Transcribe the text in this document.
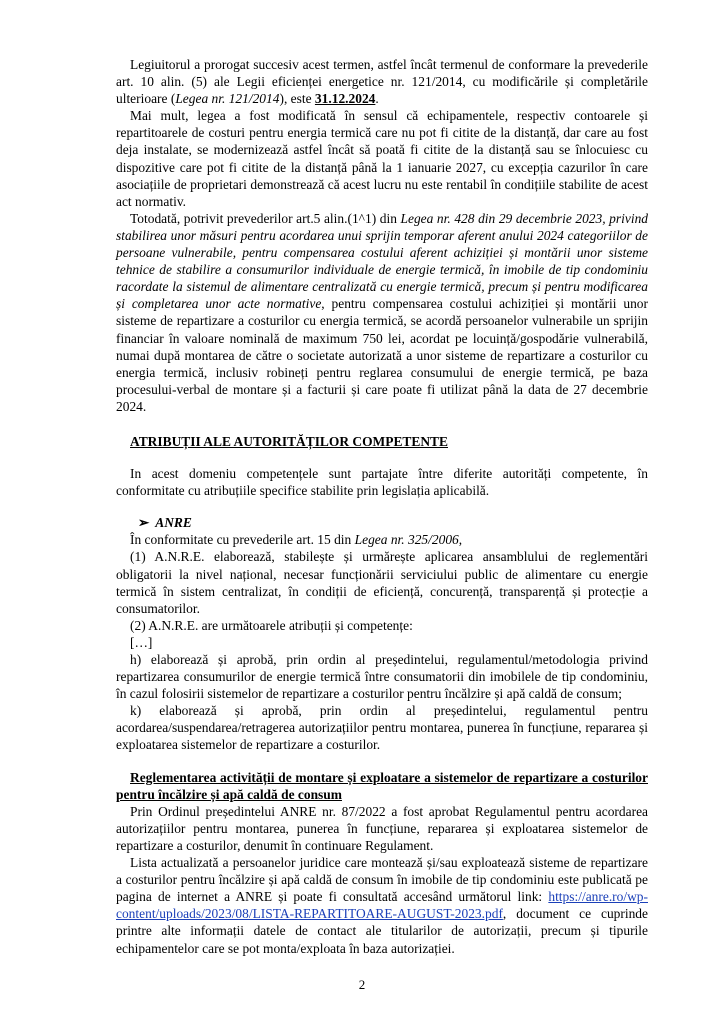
Legiuitorul a prorogat succesiv acest termen, astfel încât termenul de conformare la prevederile art. 10 alin. (5) ale Legii eficienței energetice nr. 121/2014, cu modificările și completările ulterioare (Legea nr. 121/2014), este 31.12.2024.

Mai mult, legea a fost modificată în sensul că echipamentele, respectiv contoarele și repartitoarele de costuri pentru energia termică care nu pot fi citite de la distanță, dar care au fost deja instalate, se modernizează astfel încât să poată fi citite de la distanță sau se înlocuiesc cu dispozitive care pot fi citite de la distanță până la 1 ianuarie 2027, cu excepția cazurilor în care asociațiile de proprietari demonstrează că acest lucru nu este rentabil în condițiile stabilite de acest act normativ.

Totodată, potrivit prevederilor art.5 alin.(1^1) din Legea nr. 428 din 29 decembrie 2023, privind stabilirea unor măsuri pentru acordarea unui sprijin temporar aferent anului 2024 categoriilor de persoane vulnerabile, pentru compensarea costului aferent achiziției și montării unor sisteme tehnice de stabilire a consumurilor individuale de energie termică, în imobile de tip condominiu racordate la sistemul de alimentare centralizată cu energie termică, precum și pentru modificarea și completarea unor acte normative, pentru compensarea costului achiziției și montării unor sisteme de repartizare a costurilor cu energia termică, se acordă persoanelor vulnerabile un sprijin financiar în valoare nominală de maximum 750 lei, acordat pe locuință/gospodărie vulnerabilă, numai după montarea de către o societate autorizată a unor sisteme de repartizare a costurilor cu energia termică, inclusiv robineți pentru reglarea consumului de energie termică, pe baza procesului-verbal de montare și a facturii și care poate fi utilizat până la data de 27 decembrie 2024.

ATRIBUȚII ALE AUTORITĂȚILOR COMPETENTE

In acest domeniu competențele sunt partajate între diferite autorități competente, în conformitate cu atribuțiile specifice stabilite prin legislația aplicabilă.

➢ ANRE

În conformitate cu prevederile art. 15 din Legea nr. 325/2006,

(1) A.N.R.E. elaborează, stabilește și urmărește aplicarea ansamblului de reglementări obligatorii la nivel național, necesar funcționării serviciului public de alimentare cu energie termică în sistem centralizat, în condiții de eficiență, concurență, transparență și protecție a consumatorilor.

(2) A.N.R.E. are următoarele atribuții și competențe:

[…]

h) elaborează și aprobă, prin ordin al președintelui, regulamentul/metodologia privind repartizarea consumurilor de energie termică între consumatorii din imobilele de tip condominiu, în cazul folosirii sistemelor de repartizare a costurilor pentru încălzire și apă caldă de consum;

k) elaborează și aprobă, prin ordin al președintelui, regulamentul pentru acordarea/suspendarea/retragerea autorizațiilor pentru montarea, punerea în funcțiune, repararea și exploatarea sistemelor de repartizare a costurilor.

Reglementarea activității de montare și exploatare a sistemelor de repartizare a costurilor pentru încălzire și apă caldă de consum

Prin Ordinul președintelui ANRE nr. 87/2022 a fost aprobat Regulamentul pentru acordarea autorizațiilor pentru montarea, punerea în funcțiune, repararea și exploatarea sistemelor de repartizare a costurilor, denumit în continuare Regulament.

Lista actualizată a persoanelor juridice care montează și/sau exploatează sisteme de repartizare a costurilor pentru încălzire și apă caldă de consum în imobile de tip condominiu este publicată pe pagina de internet a ANRE și poate fi consultată accesând următorul link: https://anre.ro/wp-content/uploads/2023/08/LISTA-REPARTITOARE-AUGUST-2023.pdf, document ce cuprinde printre alte informații datele de contact ale titularilor de autorizații, precum și tipurile echipamentelor care se pot monta/exploata în baza autorizației.

2
